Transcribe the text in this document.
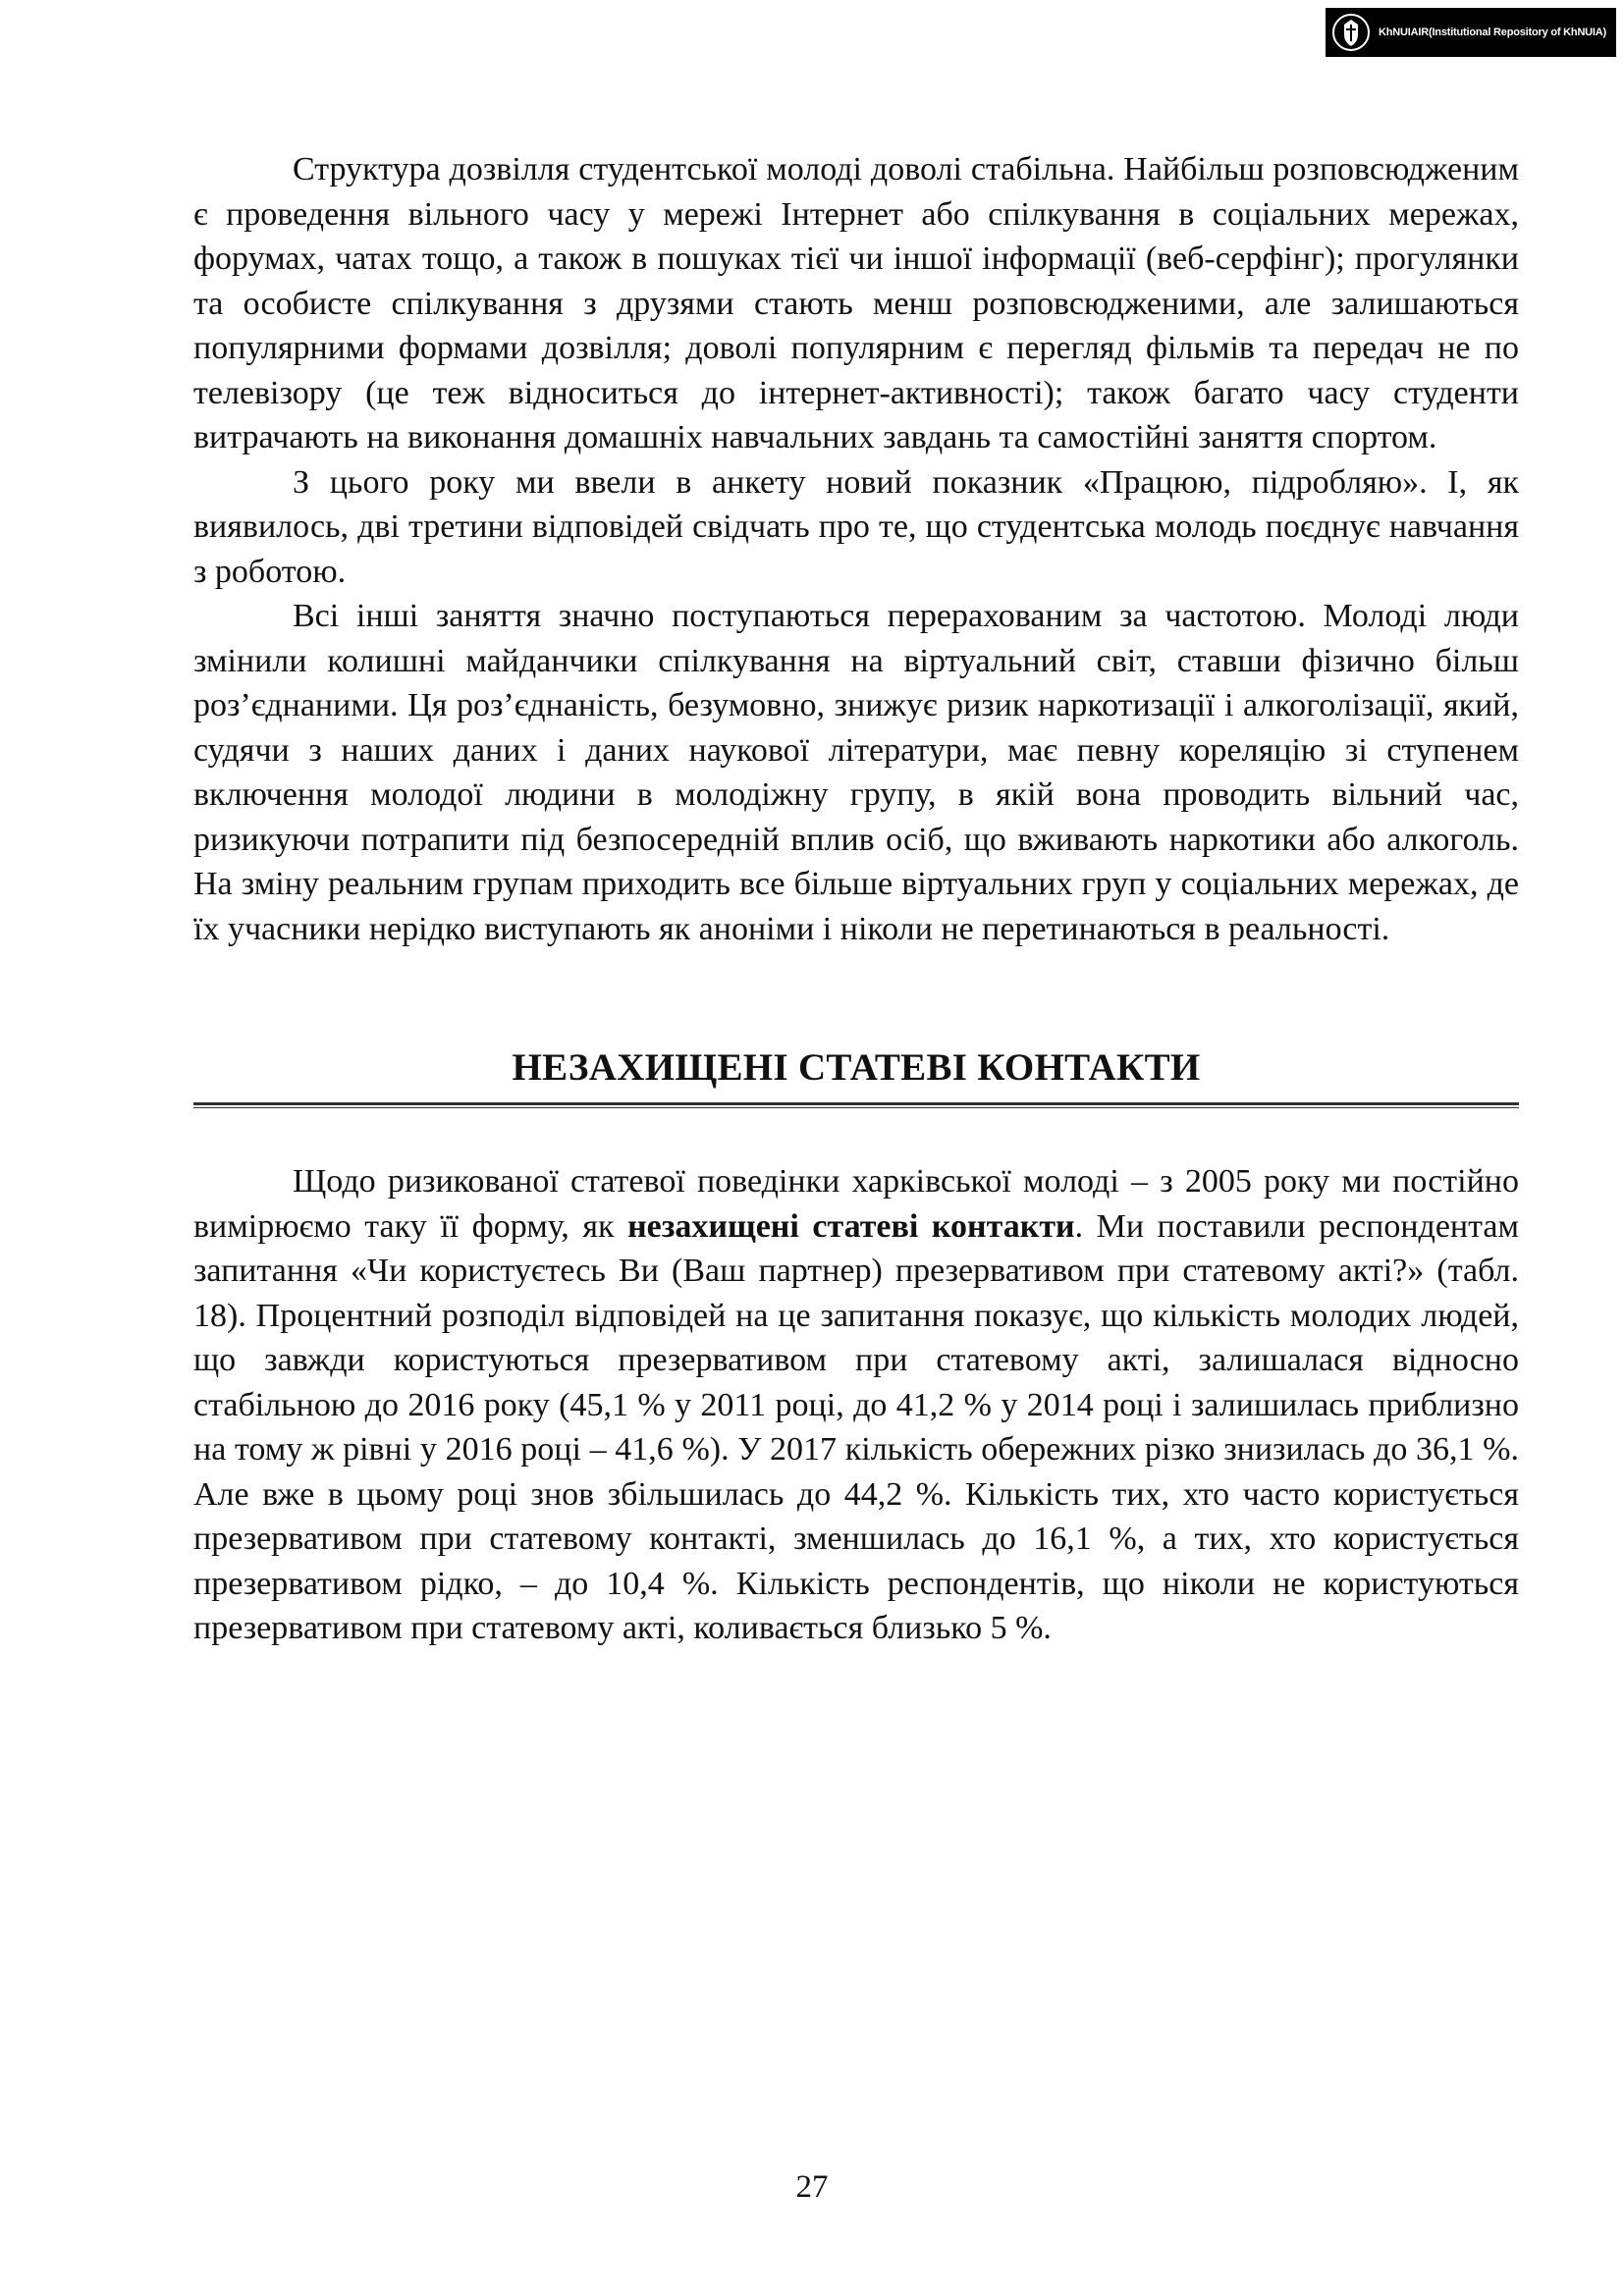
KhNUIAIR(Institutional Repository of KhNUIA)

Структура дозвілля студентської молоді доволі стабільна. Найбільш розповсюдженим є проведення вільного часу у мережі Інтернет або спілкування в соціальних мережах, форумах, чатах тощо, а також в пошуках тієї чи іншої інформації (веб-серфінг); прогулянки та особисте спілкування з друзями стають менш розповсюдженими, але залишаються популярними формами дозвілля; доволі популярним є перегляд фільмів та передач не по телевізору (це теж відноситься до інтернет-активності); також багато часу студенти витрачають на виконання домашніх навчальних завдань та самостійні заняття спортом.

З цього року ми ввели в анкету новий показник «Працюю, підробляю». І, як виявилось, дві третини відповідей свідчать про те, що студентська молодь поєднує навчання з роботою.

Всі інші заняття значно поступаються перерахованим за частотою. Молоді люди змінили колишні майданчики спілкування на віртуальний світ, ставши фізично більш роз’єднаними. Ця роз’єднаність, безумовно, знижує ризик наркотизації і алкоголізації, який, судячи з наших даних і даних наукової літератури, має певну кореляцію зі ступенем включення молодої людини в молодіжну групу, в якій вона проводить вільний час, ризикуючи потрапити під безпосередній вплив осіб, що вживають наркотики або алкоголь. На зміну реальним групам приходить все більше віртуальних груп у соціальних мережах, де їх учасники нерідко виступають як аноніми і ніколи не перетинаються в реальності.

НЕЗАХИЩЕНІ СТАТЕВІ КОНТАКТИ

Щодо ризикованої статевої поведінки харківської молоді – з 2005 року ми постійно вимірюємо таку її форму, як незахищені статеві контакти. Ми поставили респондентам запитання «Чи користуєтесь Ви (Ваш партнер) презервативом при статевому акті?» (табл. 18). Процентний розподіл відповідей на це запитання показує, що кількість молодих людей, що завжди користуються презервативом при статевому акті, залишалася відносно стабільною до 2016 року (45,1 % у 2011 році, до 41,2 % у 2014 році і залишилась приблизно на тому ж рівні у 2016 році – 41,6 %). У 2017 кількість обережних різко знизилась до 36,1 %. Але вже в цьому році знов збільшилась до 44,2 %. Кількість тих, хто часто користується презервативом при статевому контакті, зменшилась до 16,1 %, а тих, хто користується презервативом рідко, – до 10,4 %. Кількість респондентів, що ніколи не користуються презервативом при статевому акті, коливається близько 5 %.

27
